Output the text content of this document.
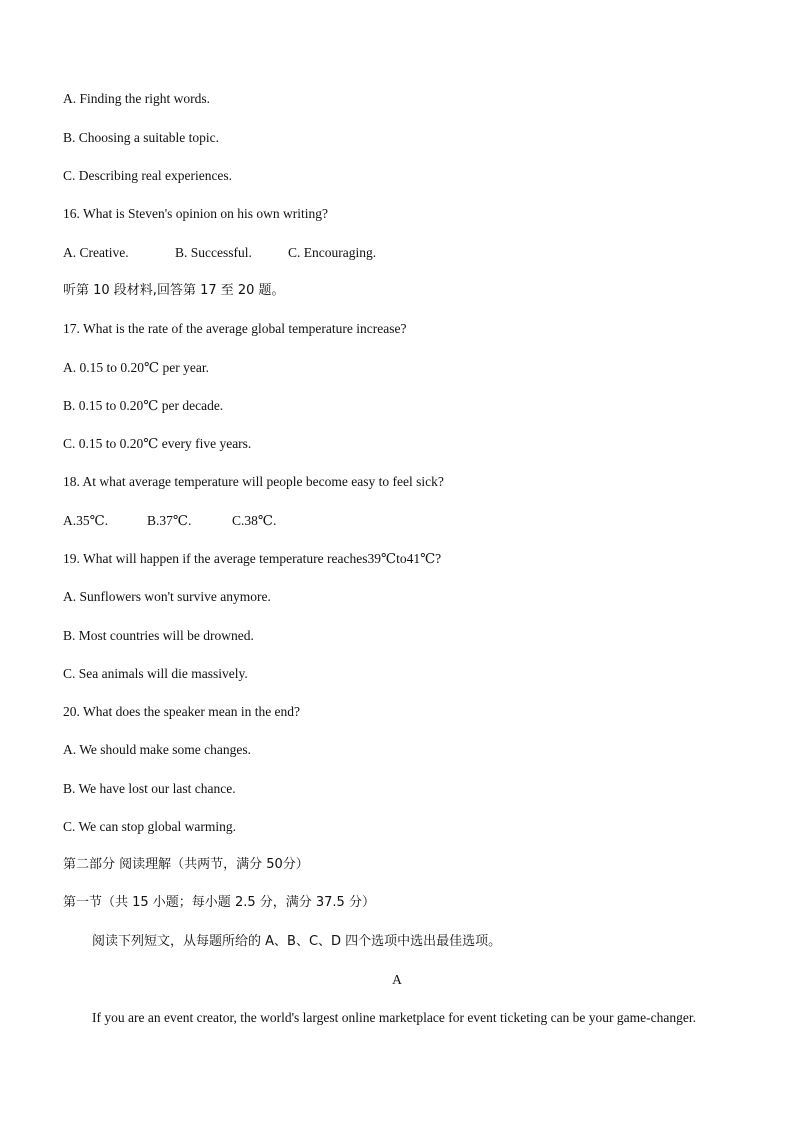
A. Finding the right words.
B. Choosing a suitable topic.
C. Describing real experiences.
16. What is Steven's opinion on his own writing?
A. Creative.	B. Successful.	C. Encouraging.
听第 10 段材料,回答第 17 至 20 题。
17. What is the rate of the average global temperature increase?
A. 0.15 to 0.20℃ per year.
B. 0.15 to 0.20℃ per decade.
C. 0.15 to 0.20℃ every five years.
18. At what average temperature will people become easy to feel sick?
A.35℃.	B.37℃.	C.38℃.
19. What will happen if the average temperature reaches39℃to41℃?
A. Sunflowers won't survive anymore.
B. Most countries will be drowned.
C. Sea animals will die massively.
20. What does the speaker mean in the end?
A. We should make some changes.
B. We have lost our last chance.
C. We can stop global warming.
第二部分 阅读理解（共两节，满分 50分）
第一节（共 15 小题；每小题 2.5 分，满分 37.5 分）
阅读下列短文，从每题所给的 A、B、C、D 四个选项中选出最佳选项。
A
If you are an event creator, the world's largest online marketplace for event ticketing can be your game-changer.
